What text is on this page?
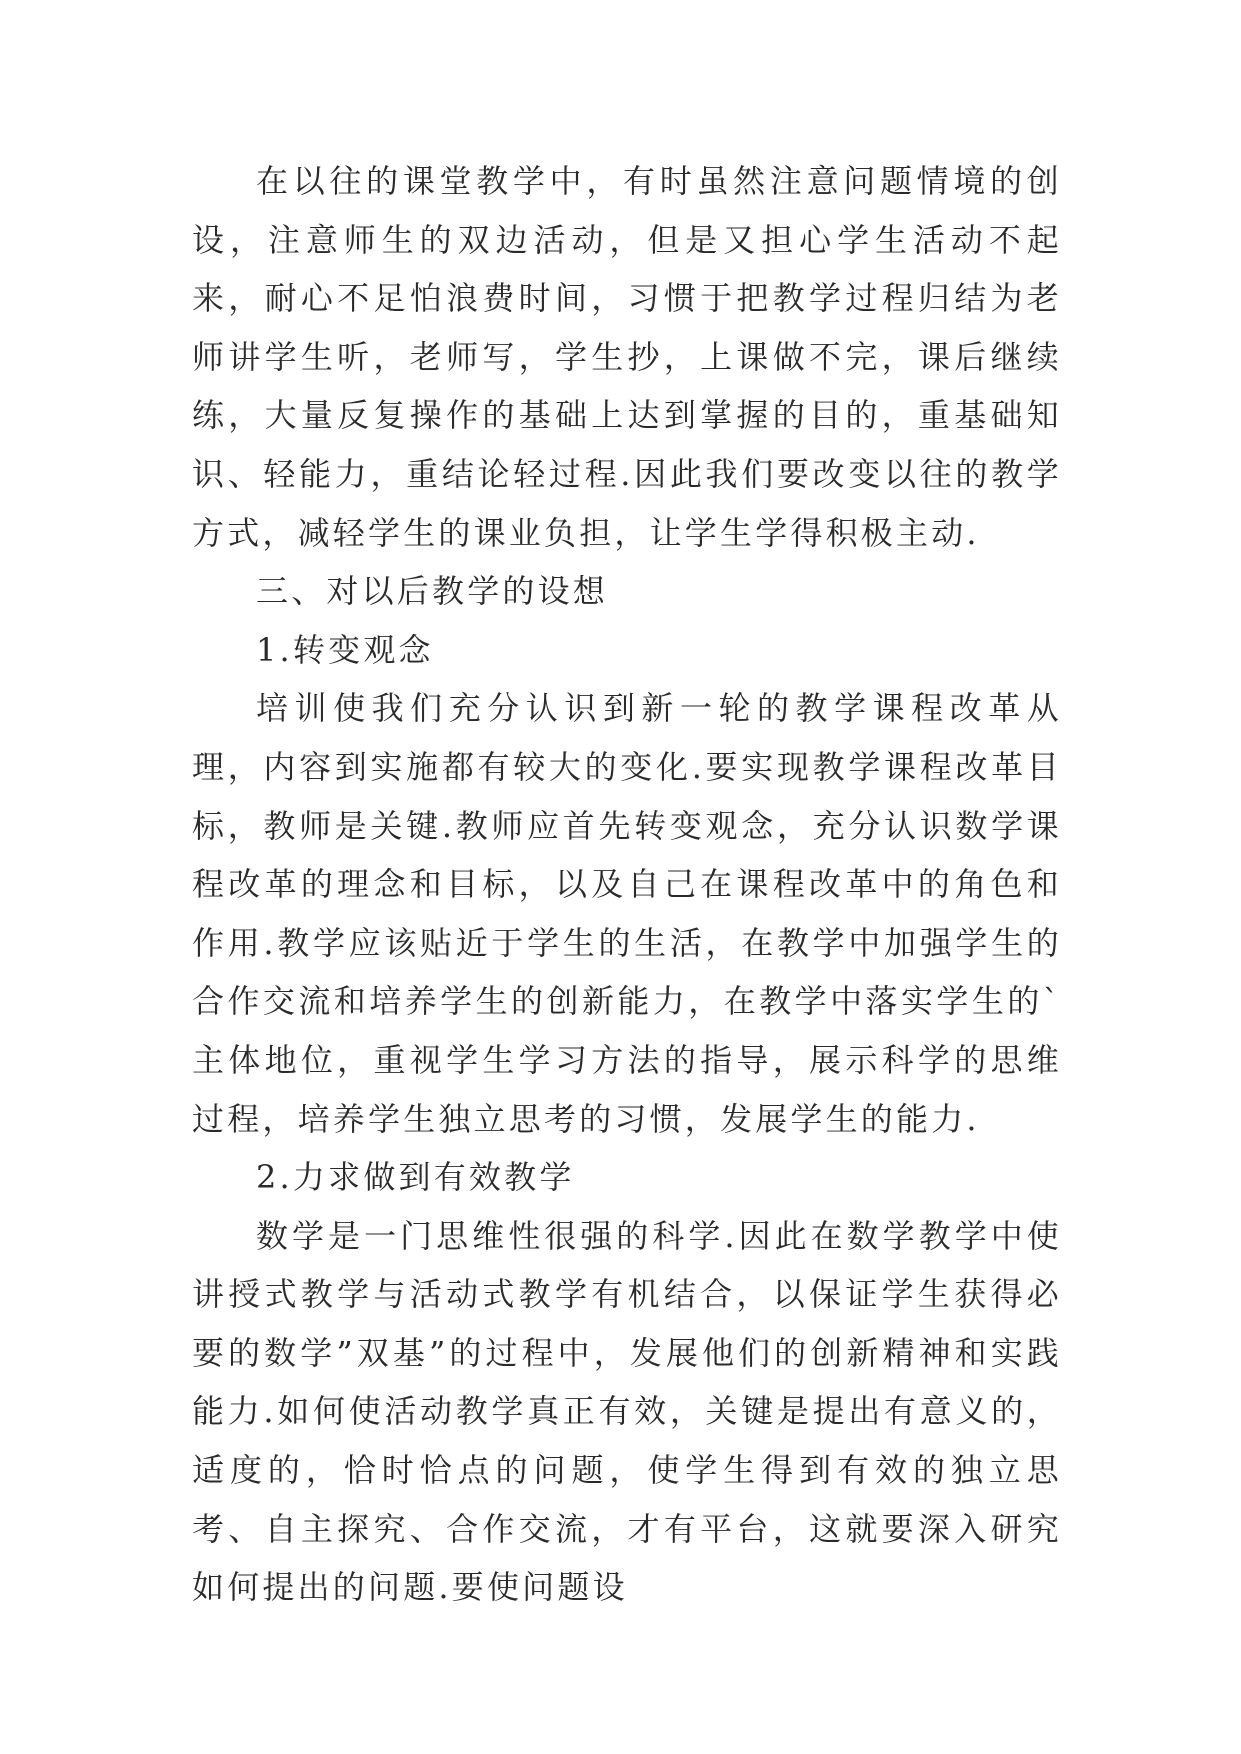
在以往的课堂教学中，有时虽然注意问题情境的创设，注意师生的双边活动，但是又担心学生活动不起来，耐心不足怕浪费时间，习惯于把教学过程归结为老师讲学生听，老师写，学生抄，上课做不完，课后继续练，大量反复操作的基础上达到掌握的目的，重基础知识、轻能力，重结论轻过程.因此我们要改变以往的教学方式，减轻学生的课业负担，让学生学得积极主动.

三、对以后教学的设想

1.转变观念

培训使我们充分认识到新一轮的教学课程改革从理，内容到实施都有较大的变化.要实现教学课程改革目标，教师是关键.教师应首先转变观念，充分认识数学课程改革的理念和目标，以及自己在课程改革中的角色和作用.教学应该贴近于学生的生活，在教学中加强学生的合作交流和培养学生的创新能力，在教学中落实学生的`主体地位，重视学生学习方法的指导，展示科学的思维过程，培养学生独立思考的习惯，发展学生的能力.

2.力求做到有效教学

数学是一门思维性很强的科学.因此在数学教学中使讲授式教学与活动式教学有机结合，以保证学生获得必要的数学”双基”的过程中，发展他们的创新精神和实践能力.如何使活动教学真正有效，关键是提出有意义的，适度的，恰时恰点的问题，使学生得到有效的独立思考、自主探究、合作交流，才有平台，这就要深入研究如何提出的问题.要使问题设
